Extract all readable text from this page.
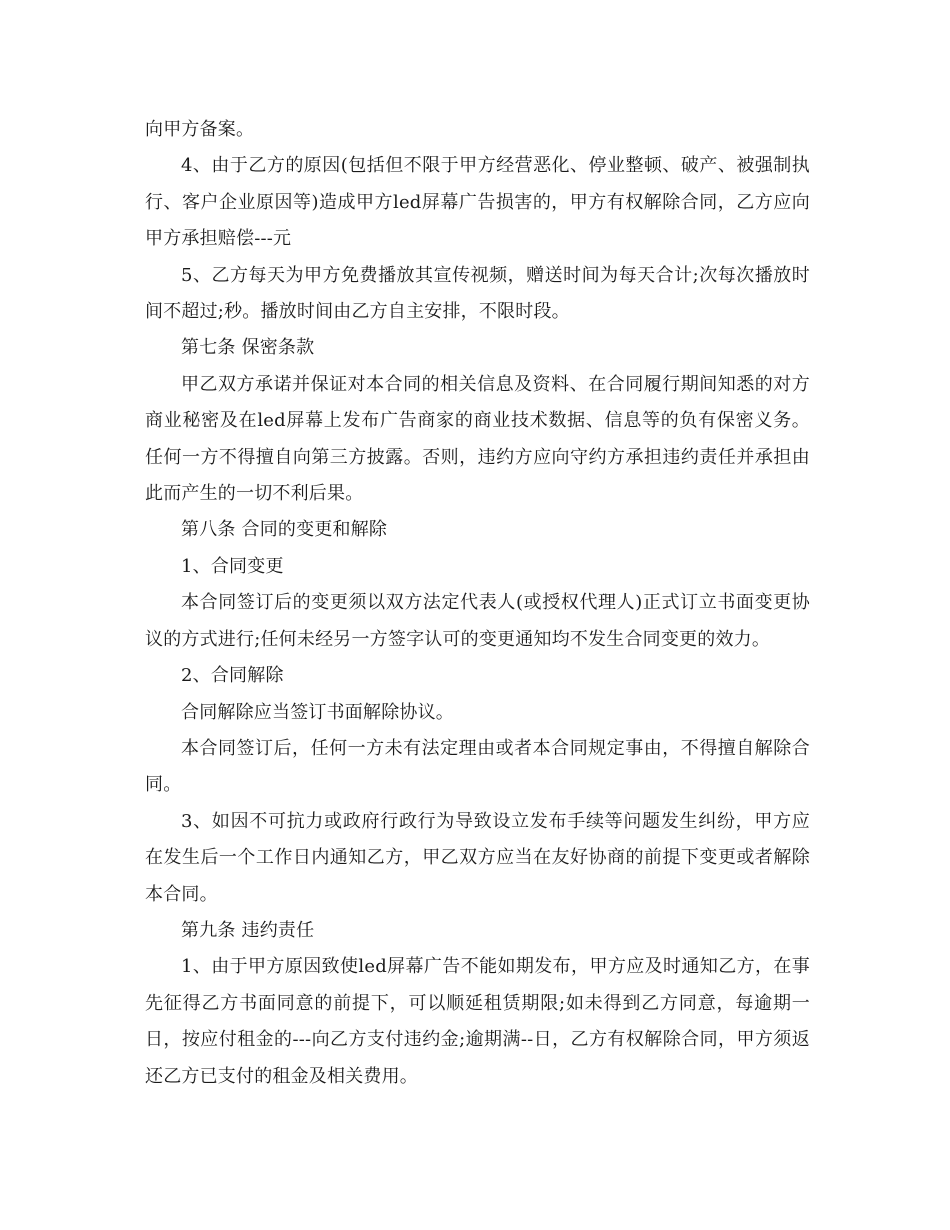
向甲方备案。

4、由于乙方的原因(包括但不限于甲方经营恶化、停业整顿、破产、被强制执行、客户企业原因等)造成甲方led屏幕广告损害的，甲方有权解除合同，乙方应向甲方承担赔偿---元

5、乙方每天为甲方免费播放其宣传视频，赠送时间为每天合计;次每次播放时间不超过;秒。播放时间由乙方自主安排，不限时段。

第七条 保密条款

甲乙双方承诺并保证对本合同的相关信息及资料、在合同履行期间知悉的对方商业秘密及在led屏幕上发布广告商家的商业技术数据、信息等的负有保密义务。任何一方不得擅自向第三方披露。否则，违约方应向守约方承担违约责任并承担由此而产生的一切不利后果。

第八条 合同的变更和解除

1、合同变更

本合同签订后的变更须以双方法定代表人(或授权代理人)正式订立书面变更协议的方式进行;任何未经另一方签字认可的变更通知均不发生合同变更的效力。

2、合同解除

合同解除应当签订书面解除协议。

本合同签订后，任何一方未有法定理由或者本合同规定事由，不得擅自解除合同。

3、如因不可抗力或政府行政行为导致设立发布手续等问题发生纠纷，甲方应在发生后一个工作日内通知乙方，甲乙双方应当在友好协商的前提下变更或者解除本合同。

第九条 违约责任

1、由于甲方原因致使led屏幕广告不能如期发布，甲方应及时通知乙方，在事先征得乙方书面同意的前提下，可以顺延租赁期限;如未得到乙方同意，每逾期一日，按应付租金的---向乙方支付违约金;逾期满--日，乙方有权解除合同，甲方须返还乙方已支付的租金及相关费用。
